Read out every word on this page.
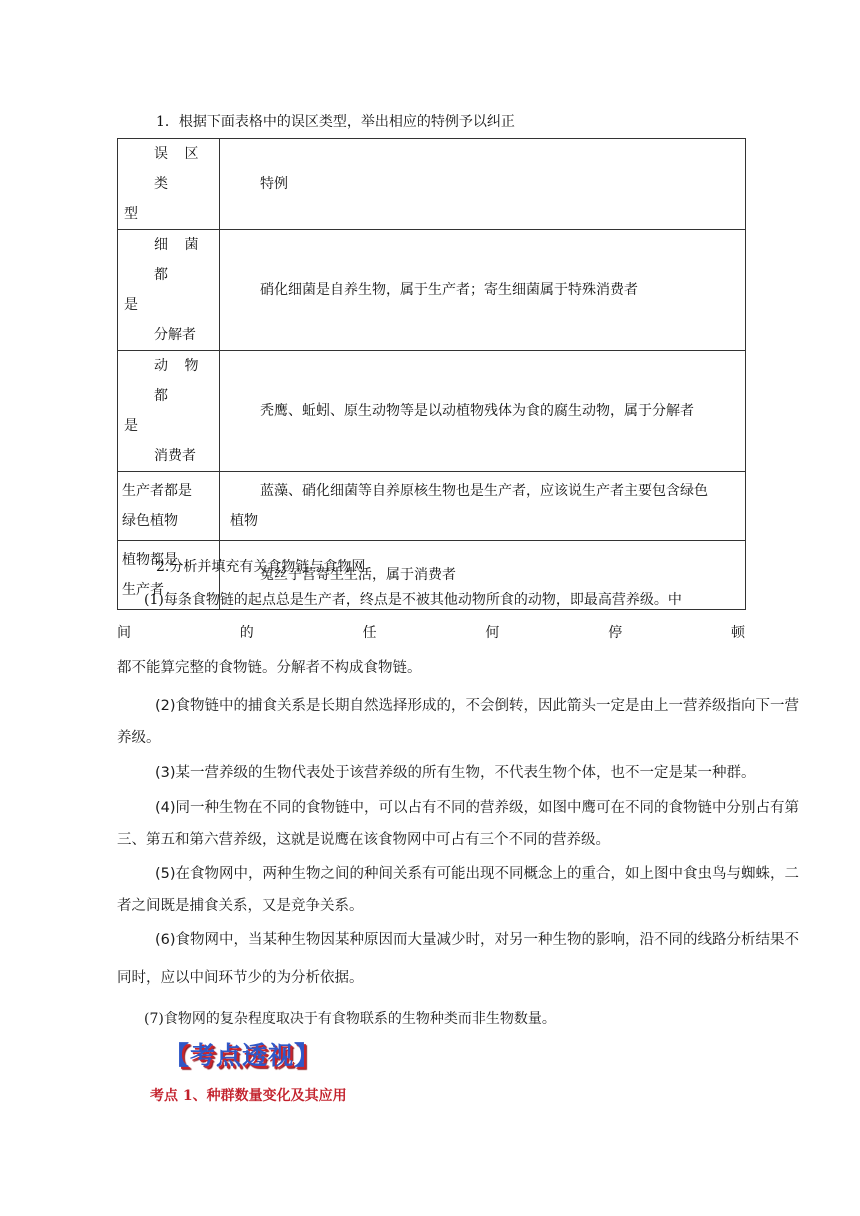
1．根据下面表格中的误区类型，举出相应的特例予以纠正
误 区 类
型	特例

细 菌 都
是
分解者	硝化细菌是自养生物，属于生产者；寄生细菌属于特殊消费者

动 物 都
是
消费者	秃鹰、蚯蚓、原生动物等是以动植物残体为食的腐生动物，属于分解者

生产者都是
绿色植物	蓝藻、硝化细菌等自养原核生物也是生产者，应该说生产者主要包含绿色
植物

植物都是
生产者	菟丝子营寄生生活，属于消费者
2.分析并填充有关食物链与食物网
(1)每条食物链的起点总是生产者，终点是不被其他动物所食的动物，即最高营养级。中
间	的	任	何	停	顿
都不能算完整的食物链。分解者不构成食物链。
(2)食物链中的捕食关系是长期自然选择形成的，不会倒转，因此箭头一定是由上一营养级指向下一营
养级。
(3)某一营养级的生物代表处于该营养级的所有生物，不代表生物个体，也不一定是某一种群。
(4)同一种生物在不同的食物链中，可以占有不同的营养级，如图中鹰可在不同的食物链中分别占有第
三、第五和第六营养级，这就是说鹰在该食物网中可占有三个不同的营养级。
(5)在食物网中，两种生物之间的种间关系有可能出现不同概念上的重合，如上图中食虫鸟与蜘蛛，二
者之间既是捕食关系，又是竞争关系。
(6)食物网中，当某种生物因某种原因而大量减少时，对另一种生物的影响，沿不同的线路分析结果不
同时，应以中间环节少的为分析依据。
(7)食物网的复杂程度取决于有食物联系的生物种类而非生物数量。
【考点透视】
考点 1、种群数量变化及其应用
